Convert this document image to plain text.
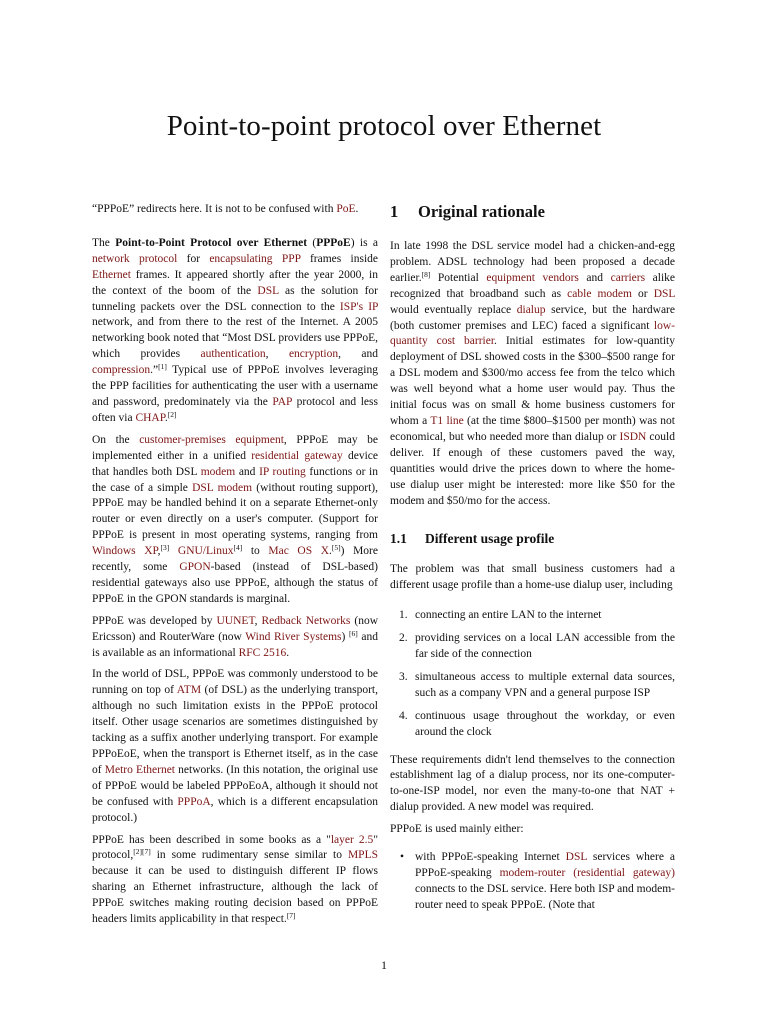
Point-to-point protocol over Ethernet

“PPPoE” redirects here. It is not to be confused with PoE.

The Point-to-Point Protocol over Ethernet (PPPoE) is a network protocol for encapsulating PPP frames inside Ethernet frames. It appeared shortly after the year 2000, in the context of the boom of the DSL as the solution for tunneling packets over the DSL connection to the ISP's IP network, and from there to the rest of the Internet. A 2005 networking book noted that “Most DSL providers use PPPoE, which provides authentication, encryption, and compression.”[1] Typical use of PPPoE involves leveraging the PPP facilities for authenticating the user with a username and password, predominately via the PAP protocol and less often via CHAP.[2]

On the customer-premises equipment, PPPoE may be implemented either in a unified residential gateway device that handles both DSL modem and IP routing functions or in the case of a simple DSL modem (without routing support), PPPoE may be handled behind it on a separate Ethernet-only router or even directly on a user's computer. (Support for PPPoE is present in most operating systems, ranging from Windows XP,[3] GNU/Linux[4] to Mac OS X.[5]) More recently, some GPON-based (instead of DSL-based) residential gateways also use PPPoE, although the status of PPPoE in the GPON standards is marginal.

PPPoE was developed by UUNET, Redback Networks (now Ericsson) and RouterWare (now Wind River Systems) [6] and is available as an informational RFC 2516.

In the world of DSL, PPPoE was commonly understood to be running on top of ATM (of DSL) as the underlying transport, although no such limitation exists in the PPPoE protocol itself. Other usage scenarios are sometimes distinguished by tacking as a suffix another underlying transport. For example PPPoEoE, when the transport is Ethernet itself, as in the case of Metro Ethernet networks. (In this notation, the original use of PPPoE would be labeled PPPoEoA, although it should not be confused with PPPoA, which is a different encapsulation protocol.)

PPPoE has been described in some books as a "layer 2.5" protocol,[2][7] in some rudimentary sense similar to MPLS because it can be used to distinguish different IP flows sharing an Ethernet infrastructure, although the lack of PPPoE switches making routing decision based on PPPoE headers limits applicability in that respect.[7]

1 Original rationale

In late 1998 the DSL service model had a chicken-and-egg problem. ADSL technology had been proposed a decade earlier.[8] Potential equipment vendors and carriers alike recognized that broadband such as cable modem or DSL would eventually replace dialup service, but the hardware (both customer premises and LEC) faced a significant low-quantity cost barrier. Initial estimates for low-quantity deployment of DSL showed costs in the $300–$500 range for a DSL modem and $300/mo access fee from the telco which was well beyond what a home user would pay. Thus the initial focus was on small & home business customers for whom a T1 line (at the time $800–$1500 per month) was not economical, but who needed more than dialup or ISDN could deliver. If enough of these customers paved the way, quantities would drive the prices down to where the home-use dialup user might be interested: more like $50 for the modem and $50/mo for the access.

1.1 Different usage profile

The problem was that small business customers had a different usage profile than a home-use dialup user, including

1. connecting an entire LAN to the internet
2. providing services on a local LAN accessible from the far side of the connection
3. simultaneous access to multiple external data sources, such as a company VPN and a general purpose ISP
4. continuous usage throughout the workday, or even around the clock

These requirements didn't lend themselves to the connection establishment lag of a dialup process, nor its one-computer-to-one-ISP model, nor even the many-to-one that NAT + dialup provided. A new model was required.

PPPoE is used mainly either:

• with PPPoE-speaking Internet DSL services where a PPPoE-speaking modem-router (residential gateway) connects to the DSL service. Here both ISP and modem-router need to speak PPPoE. (Note that
1
